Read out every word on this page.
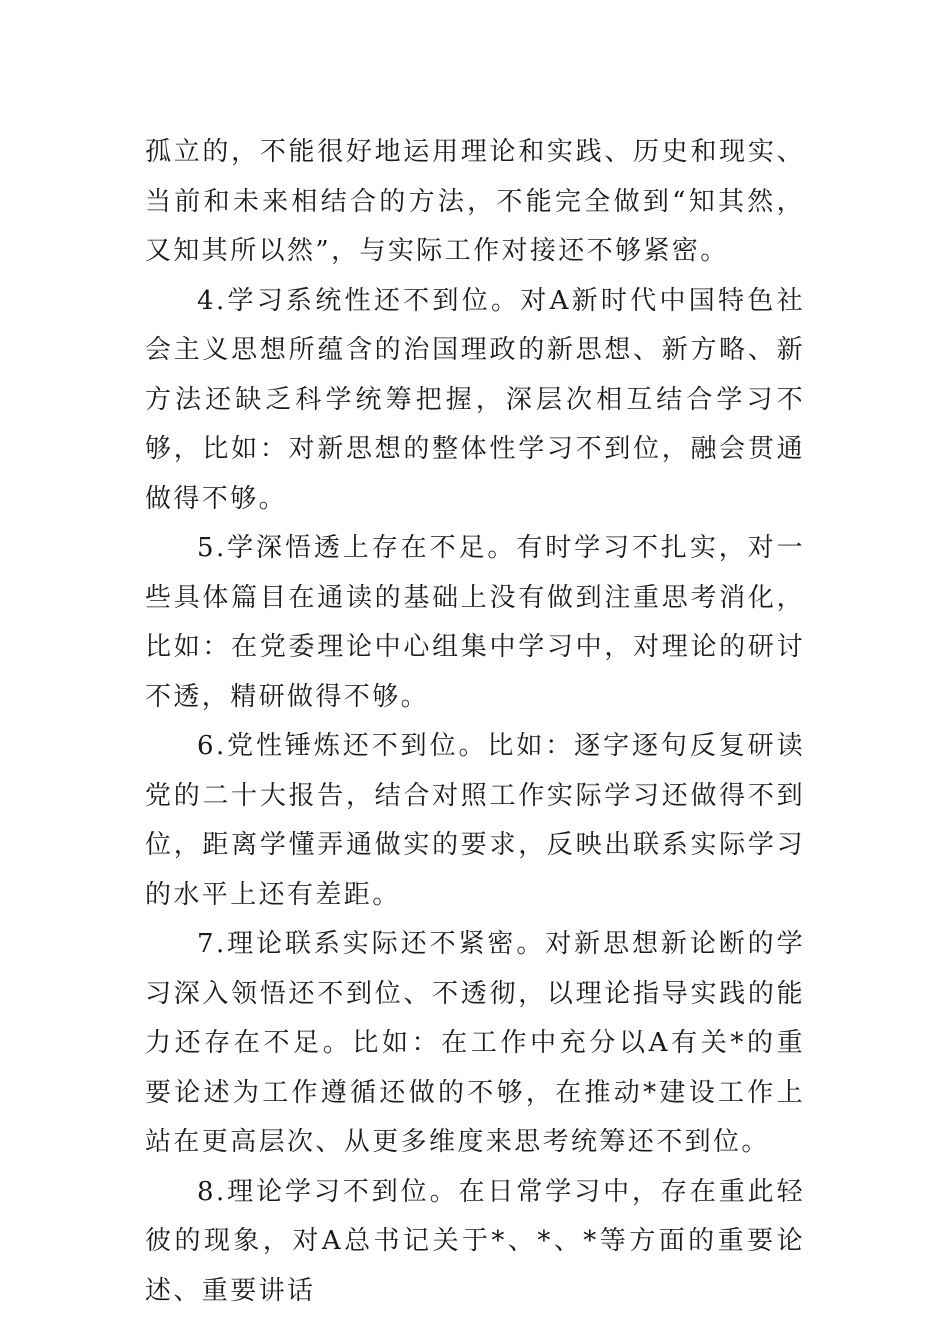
孤立的，不能很好地运用理论和实践、历史和现实、当前和未来相结合的方法，不能完全做到“知其然，又知其所以然”，与实际工作对接还不够紧密。

4.学习系统性还不到位。对A新时代中国特色社会主义思想所蕴含的治国理政的新思想、新方略、新方法还缺乏科学统筹把握，深层次相互结合学习不够，比如：对新思想的整体性学习不到位，融会贯通做得不够。

5.学深悟透上存在不足。有时学习不扎实，对一些具体篇目在通读的基础上没有做到注重思考消化，比如：在党委理论中心组集中学习中，对理论的研讨不透，精研做得不够。

6.党性锤炼还不到位。比如：逐字逐句反复研读党的二十大报告，结合对照工作实际学习还做得不到位，距离学懂弄通做实的要求，反映出联系实际学习的水平上还有差距。

7.理论联系实际还不紧密。对新思想新论断的学习深入领悟还不到位、不透彻，以理论指导实践的能力还存在不足。比如：在工作中充分以A有关*的重要论述为工作遵循还做的不够，在推动*建设工作上站在更高层次、从更多维度来思考统筹还不到位。

8.理论学习不到位。在日常学习中，存在重此轻彼的现象，对A总书记关于*、*、*等方面的重要论述、重要讲话
